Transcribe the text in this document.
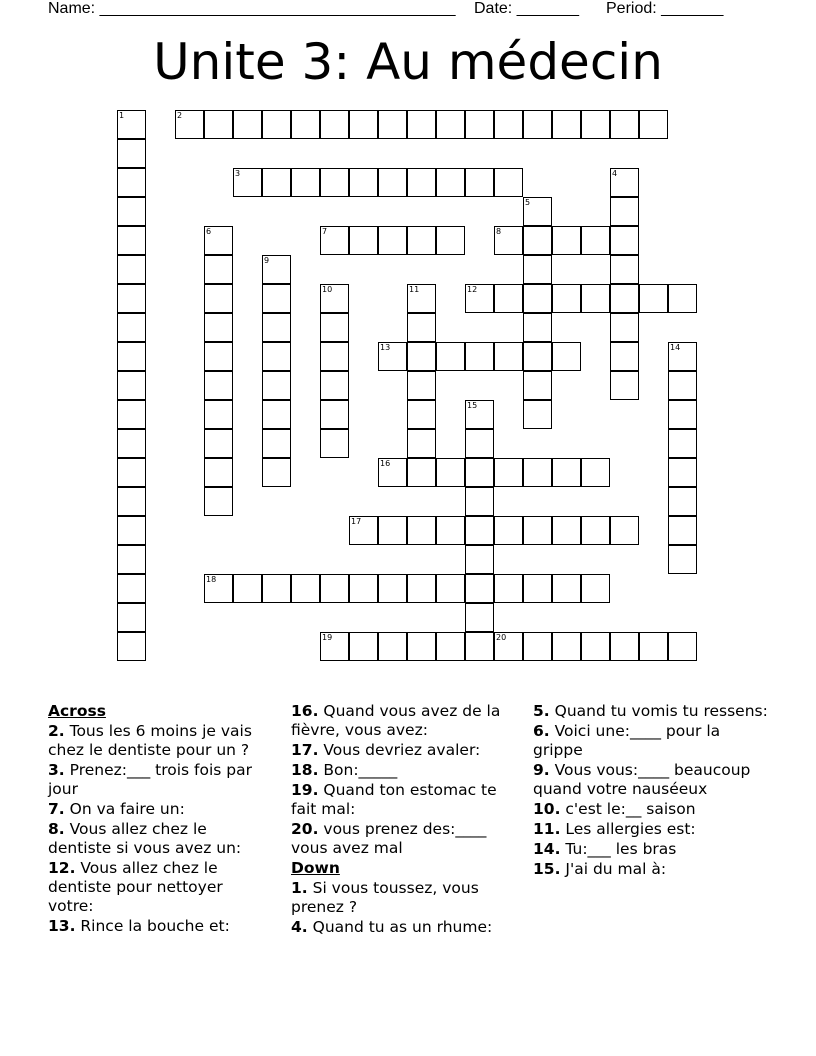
Name: ________________________________________ Date: _______ Period: _______
Unite 3: Au médecin
1	2
3	4
5
6	7	8
9
10	11	12
13	14
15
16
17
18
19	20
Across
2. Tous les 6 moins je vais chez le dentiste pour un ?
3. Prenez:___ trois fois par jour
7. On va faire un:
8. Vous allez chez le dentiste si vous avez un:
12. Vous allez chez le dentiste pour nettoyer votre:
13. Rince la bouche et:
16. Quand vous avez de la fièvre, vous avez:
17. Vous devriez avaler:
18. Bon:_____
19. Quand ton estomac te fait mal:
20. vous prenez des:____ vous avez mal
Down
1. Si vous toussez, vous prenez ?
4. Quand tu as un rhume:
5. Quand tu vomis tu ressens:
6. Voici une:____ pour la grippe
9. Vous vous:____ beaucoup quand votre nauséeux
10. c'est le:__ saison
11. Les allergies est:
14. Tu:___ les bras
15. J'ai du mal à:
